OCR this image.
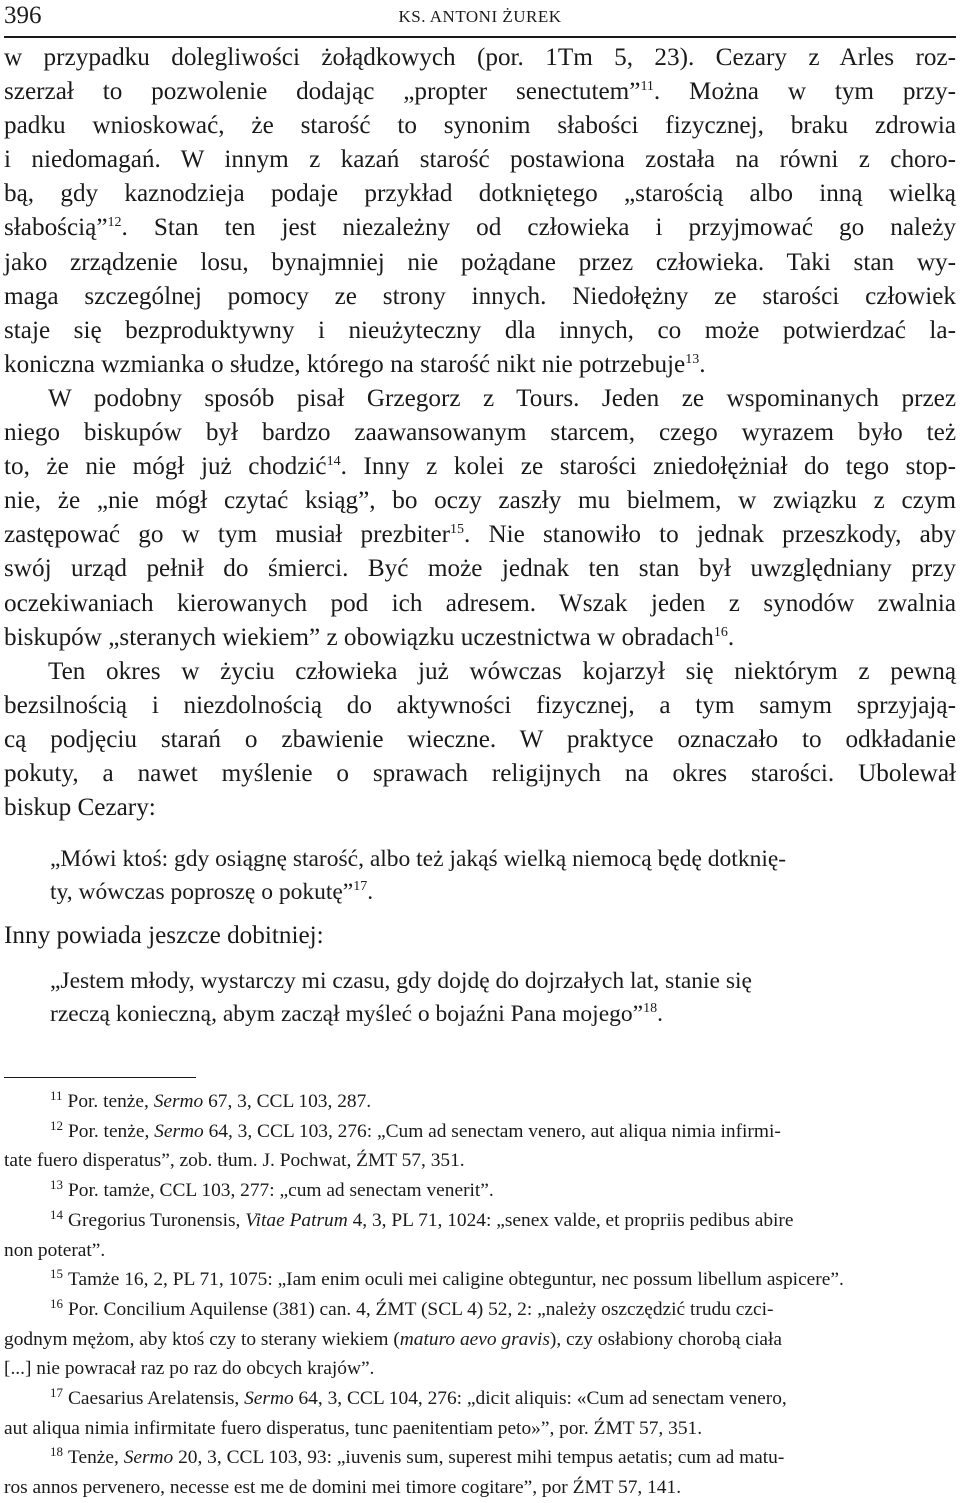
396	KS. ANTONI ŻUREK

w przypadku dolegliwości żołądkowych (por. 1Tm 5, 23). Cezary z Arles roz-
szerzał to pozwolenie dodając „propter senectutem”$^{11}$. Można w tym przy-
padku wnioskować, że starość to synonim słabości fizycznej, braku zdrowia
i niedomagań. W innym z kazań starość postawiona została na równi z choro-
bą, gdy kaznodzieja podaje przykład dotkniętego „starością albo inną wielką
słabością”$^{12}$. Stan ten jest niezależny od człowieka i przyjmować go należy
jako zrządzenie losu, bynajmniej nie pożądane przez człowieka. Taki stan wy-
maga szczególnej pomocy ze strony innych. Niedołężny ze starości człowiek
staje się bezproduktywny i nieużyteczny dla innych, co może potwierdzać la-
koniczna wzmianka o słudze, którego na starość nikt nie potrzebuje$^{13}$.

W podobny sposób pisał Grzegorz z Tours. Jeden ze wspominanych przez
niego biskupów był bardzo zaawansowanym starcem, czego wyrazem było też
to, że nie mógł już chodzić$^{14}$. Inny z kolei ze starości zniedołężniał do tego stop-
nie, że „nie mógł czytać ksiąg”, bo oczy zaszły mu bielmem, w związku z czym
zastępować go w tym musiał prezbiter$^{15}$. Nie stanowiło to jednak przeszkody, aby
swój urząd pełnił do śmierci. Być może jednak ten stan był uwzględniany przy
oczekiwaniach kierowanych pod ich adresem. Wszak jeden z synodów zwalnia
biskupów „steranych wiekiem” z obowiązku uczestnictwa w obradach$^{16}$.

Ten okres w życiu człowieka już wówczas kojarzył się niektórym z pewną
bezsilnością i niezdolnością do aktywności fizycznej, a tym samym sprzyjają-
cą podjęciu starań o zbawienie wieczne. W praktyce oznaczało to odkładanie
pokuty, a nawet myślenie o sprawach religijnych na okres starości. Ubolewał
biskup Cezary:

„Mówi ktoś: gdy osiągnę starość, albo też jakąś wielką niemocą będę dotknię-
ty, wówczas poproszę o pokutę”$^{17}$.

Inny powiada jeszcze dobitniej:

„Jestem młody, wystarczy mi czasu, gdy dojdę do dojrzałych lat, stanie się
rzeczą konieczną, abym zaczął myśleć o bojaźni Pana mojego”$^{18}$.

$^{11}$ Por. tenże, Sermo 67, 3, CCL 103, 287.

$^{12}$ Por. tenże, Sermo 64, 3, CCL 103, 276: „Cum ad senectam venero, aut aliqua nimia infirmi-
tate fuero disperatus”, zob. tłum. J. Pochwat, ŹMT 57, 351.

$^{13}$ Por. tamże, CCL 103, 277: „cum ad senectam venerit”.

$^{14}$ Gregorius Turonensis, Vitae Patrum 4, 3, PL 71, 1024: „senex valde, et propriis pedibus abire
non poterat”.

$^{15}$ Tamże 16, 2, PL 71, 1075: „Iam enim oculi mei caligine obteguntur, nec possum libellum aspicere”.

$^{16}$ Por. Concilium Aquilense (381) can. 4, ŹMT (SCL 4) 52, 2: „należy oszczędzić trudu czci-
godnym mężom, aby ktoś czy to sterany wiekiem (maturo aevo gravis), czy osłabiony chorobą ciała
[...] nie powracał raz po raz do obcych krajów”.

$^{17}$ Caesarius Arelatensis, Sermo 64, 3, CCL 104, 276: „dicit aliquis: «Cum ad senectam venero,
aut aliqua nimia infirmitate fuero disperatus, tunc paenitentiam peto»”, por. ŹMT 57, 351.

$^{18}$ Tenże, Sermo 20, 3, CCL 103, 93: „iuvenis sum, superest mihi tempus aetatis; cum ad matu-
ros annos pervenero, necesse est me de domini mei timore cogitare”, por ŹMT 57, 141.
